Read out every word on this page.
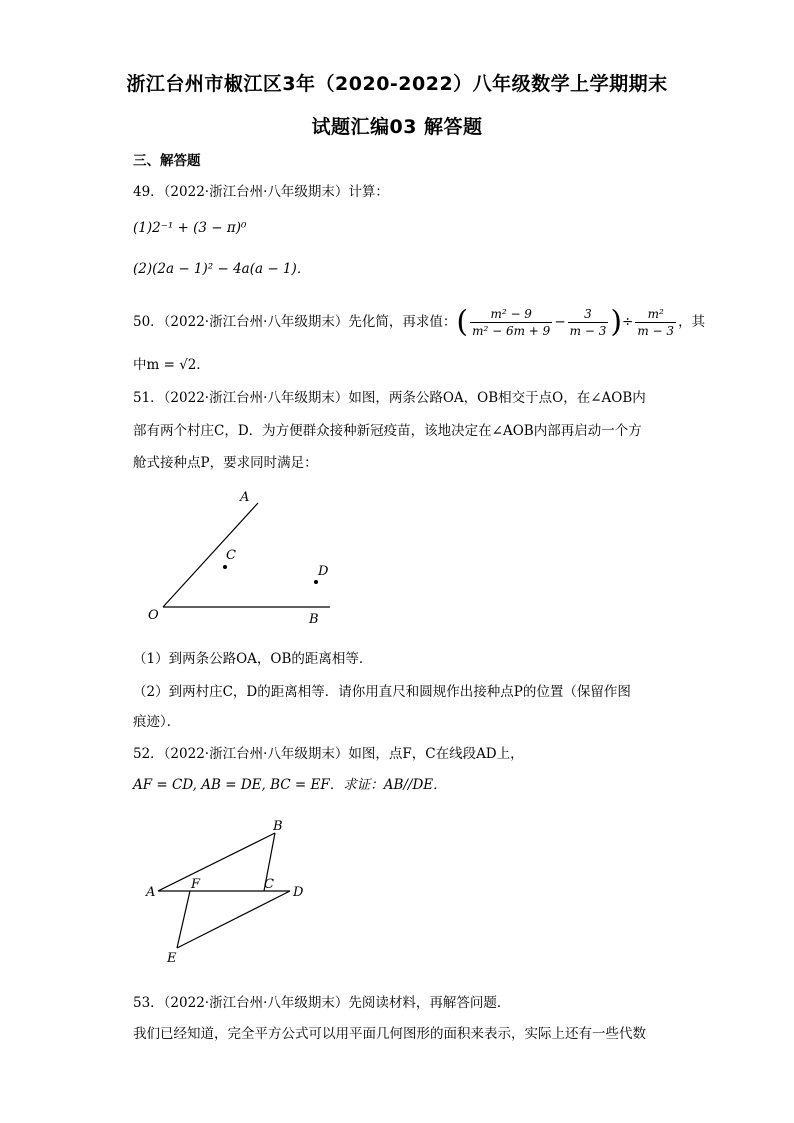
浙江台州市椒江区3年（2020-2022）八年级数学上学期期末
试题汇编03 解答题
三、解答题
49．（2022·浙江台州·八年级期末）计算：
(1)2⁻¹ + (3 − π)⁰
(2)(2a − 1)² − 4a(a − 1)．
50．（2022·浙江台州·八年级期末）先化简，再求值：( $\frac{\text{m² − 9}}{\text{m² − 6m + 9}} - \frac{3}{m - 3}$ )÷ $\frac{\text{m²}}{m - 3}$ ，其
中m = √2．
51．（2022·浙江台州·八年级期末）如图，两条公路OA，OB相交于点O，在∠AOB内
部有两个村庄C，D．为方便群众接种新冠疫苗，该地决定在∠AOB内部再启动一个方
舱式接种点P，要求同时满足：
A
C
D
O	B
（1）到两条公路OA，OB的距离相等．
（2）到两村庄C，D的距离相等．请你用直尺和圆规作出接种点P的位置（保留作图
痕迹）．
52．（2022·浙江台州·八年级期末）如图，点F，C在线段AD上，
AF = CD, AB = DE, BC = EF．求证：AB//DE．
A
B
F	C
D
E
53．（2022·浙江台州·八年级期末）先阅读材料，再解答问题．
我们已经知道，完全平方公式可以用平面几何图形的面积来表示，实际上还有一些代数
